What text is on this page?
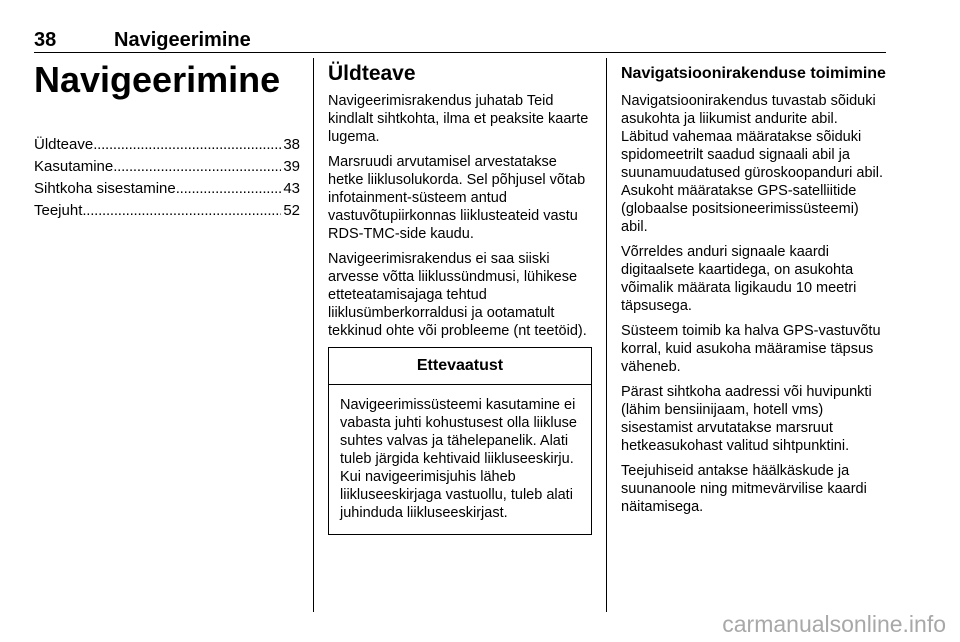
38	Navigeerimine
Navigeerimine
Üldteave . . .	38
Kasutamine . . .	39
Sihtkoha sisestamine . . .	43
Teejuht . . .	52
Üldteave

Navigeerimisrakendus juhatab Teid kindlalt sihtkohta, ilma et peaksite kaarte lugema.

Marsruudi arvutamisel arvestatakse hetke liiklusolukorda. Sel põhjusel võtab infotainment-süsteem antud vastuvõtupiirkonnas liiklusteateid vastu RDS-TMC-side kaudu.

Navigeerimisrakendus ei saa siiski arvesse võtta liiklussündmusi, lühikese etteteatamisajaga tehtud liiklusümberkorraldusi ja ootamatult tekkinud ohte või probleeme (nt teetöid).

Ettevaatust
Navigeerimissüsteemi kasutamine ei vabasta juhti kohustusest olla liikluse suhtes valvas ja tähelepanelik. Alati tuleb järgida kehtivaid liikluseeskirju. Kui navigeerimisjuhis läheb liikluseeskirjaga vastuollu, tuleb alati juhinduda liikluseeskirjast.
Navigatsioonirakenduse toimimine

Navigatsioonirakendus tuvastab sõiduki asukohta ja liikumist andurite abil. Läbitud vahemaa määratakse sõiduki spidomeetrilt saadud signaali abil ja suunamuudatused güroskoopanduri abil. Asukoht määratakse GPS-satelliitide (globaalse positsioneerimissüsteemi) abil.

Võrreldes anduri signaale kaardi digitaalsete kaartidega, on asukohta võimalik määrata ligikaudu 10 meetri täpsusega.

Süsteem toimib ka halva GPS-vastuvõtu korral, kuid asukoha määramise täpsus väheneb.

Pärast sihtkoha aadressi või huvipunkti (lähim bensiinijaam, hotell vms) sisestamist arvutatakse marsruut hetkeasukohast valitud sihtpunktini.

Teejuhiseid antakse häälkäskude ja suunanoole ning mitmevärvilise kaardi näitamisega.

carmanualsonline.info
